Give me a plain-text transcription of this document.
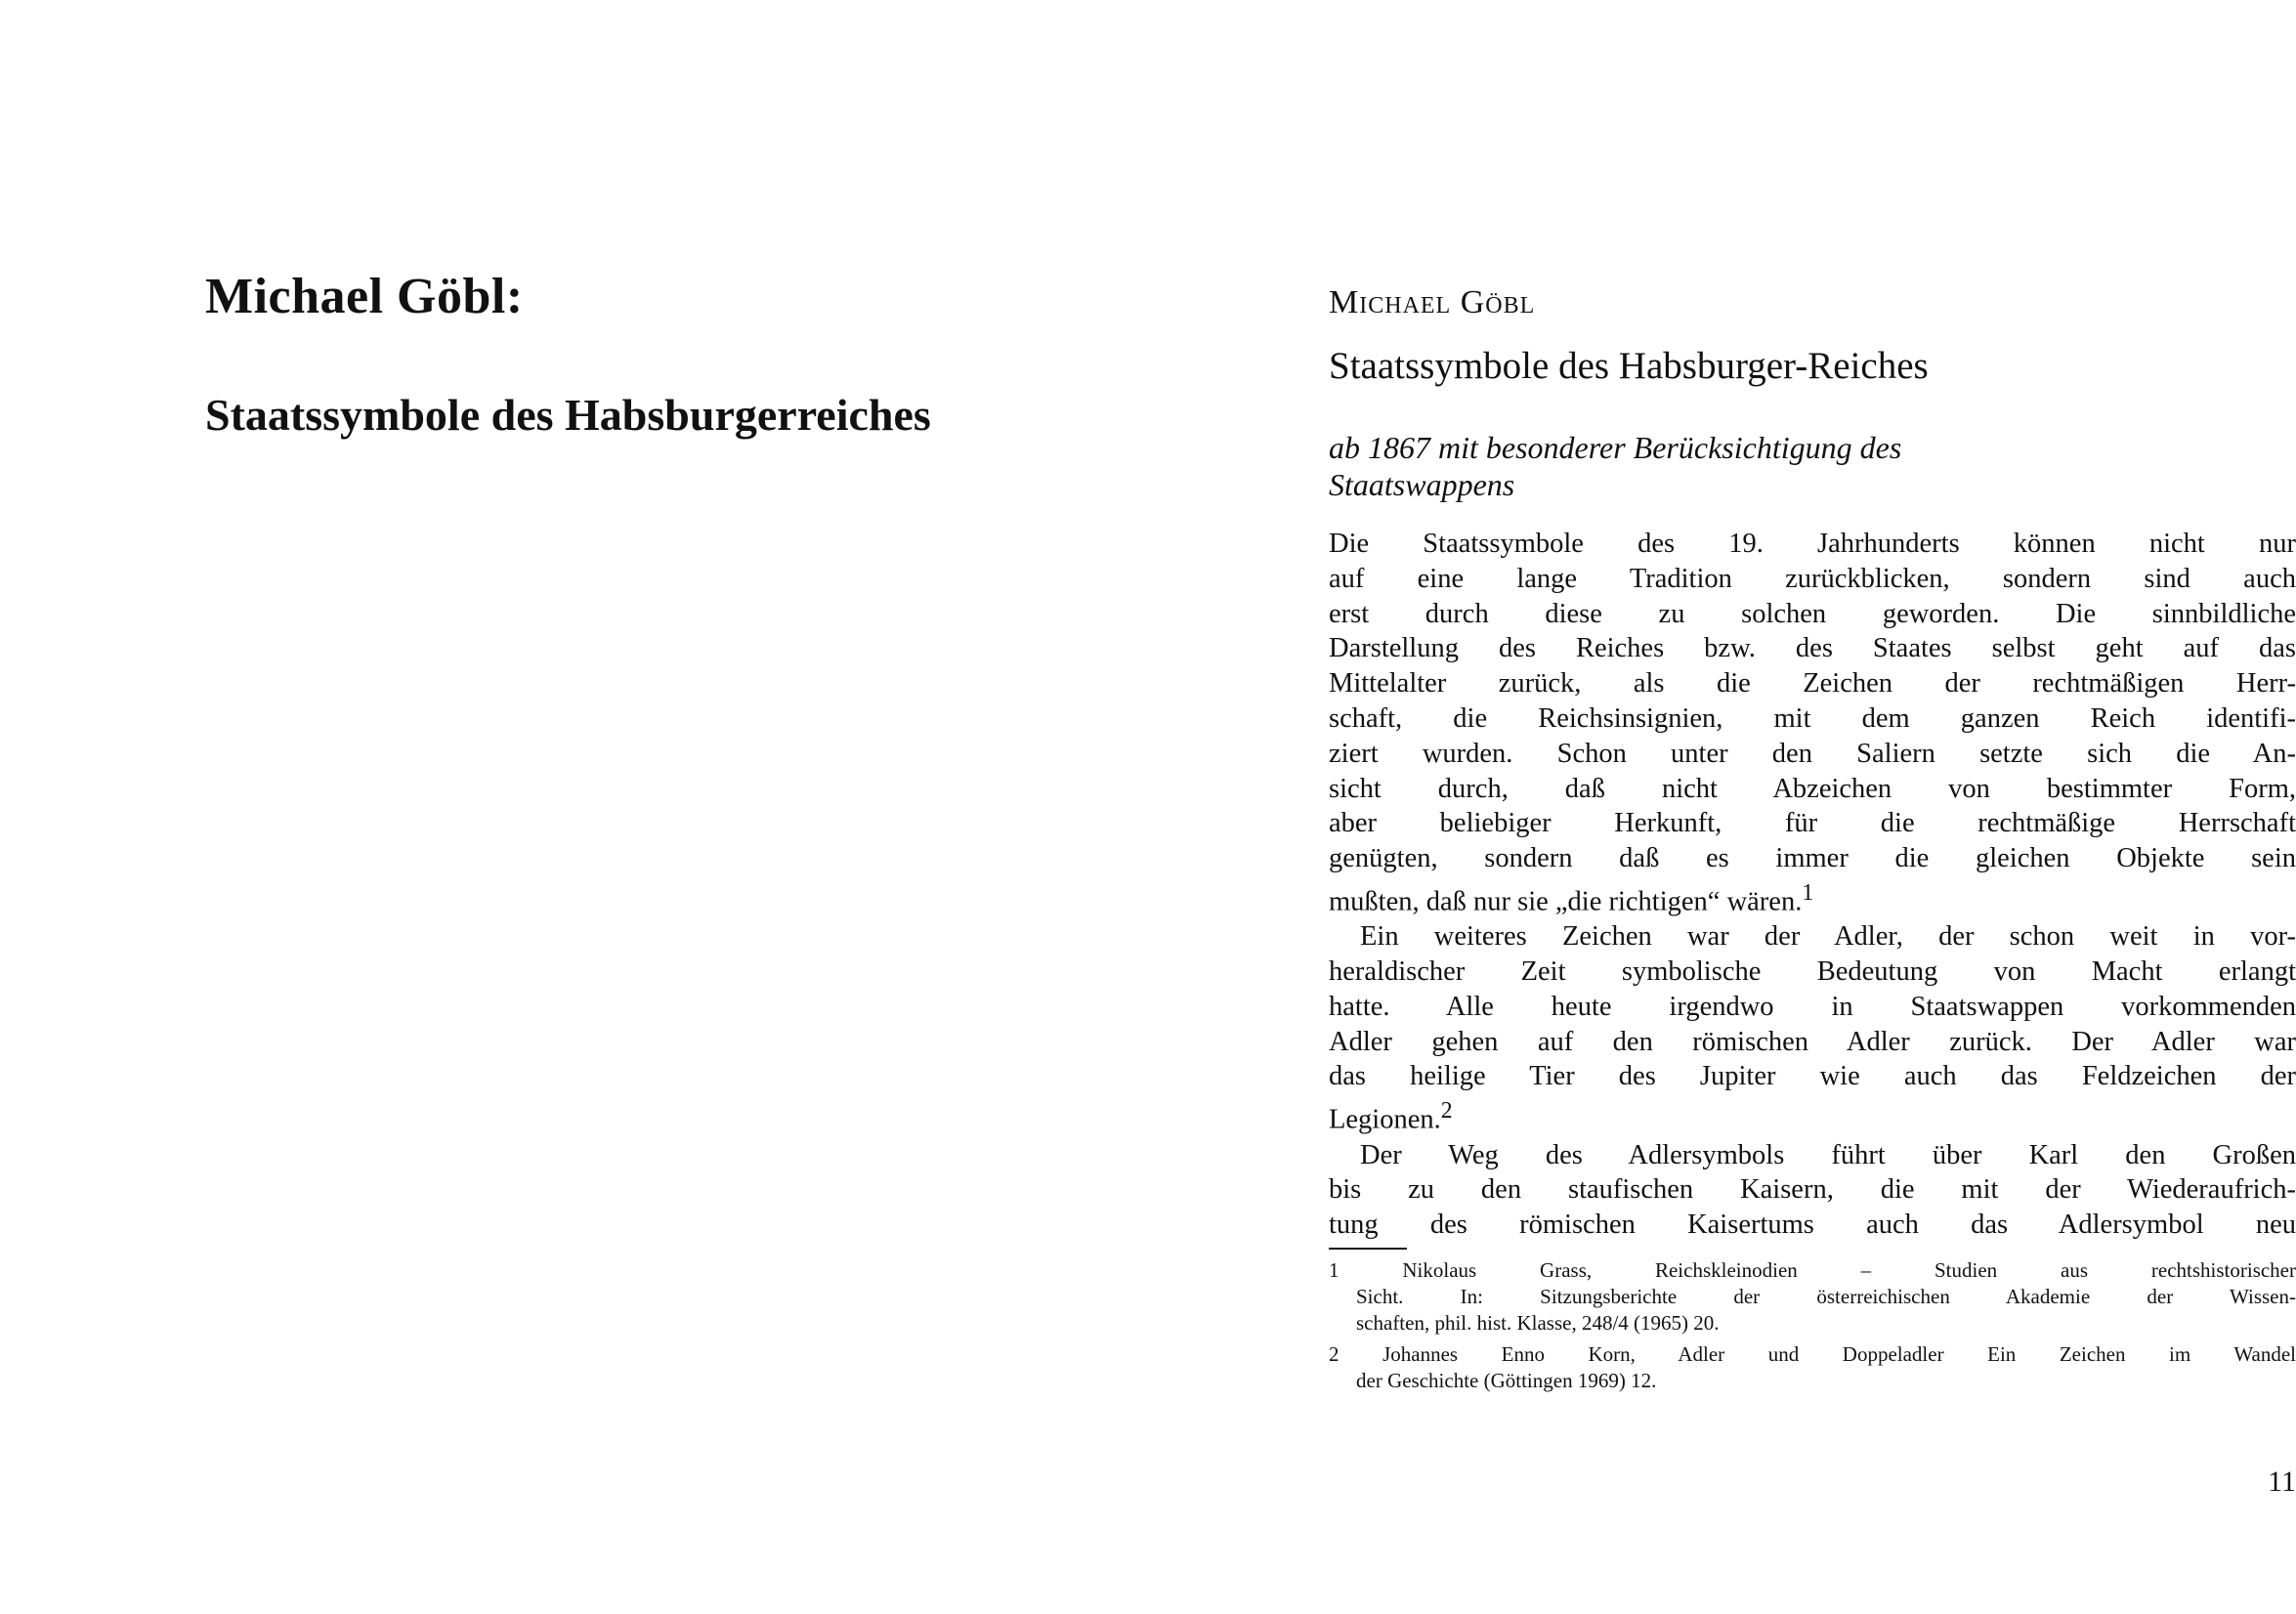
Michael Göbl:
Staatssymbole des Habsburgerreiches
Michael Göbl
Staatssymbole des Habsburger-Reiches
ab 1867 mit besonderer Berücksichtigung des
Staatswappens
Die Staatssymbole des 19. Jahrhunderts können nicht nur
auf eine lange Tradition zurückblicken, sondern sind auch
erst durch diese zu solchen geworden. Die sinnbildliche
Darstellung des Reiches bzw. des Staates selbst geht auf das
Mittelalter zurück, als die Zeichen der rechtmäßigen Herr-
schaft, die Reichsinsignien, mit dem ganzen Reich identifi-
ziert wurden. Schon unter den Saliern setzte sich die An-
sicht durch, daß nicht Abzeichen von bestimmter Form,
aber beliebiger Herkunft, für die rechtmäßige Herrschaft
genügten, sondern daß es immer die gleichen Objekte sein
mußten, daß nur sie „die richtigen“ wären.$^1$
Ein weiteres Zeichen war der Adler, der schon weit in vor-
heraldischer Zeit symbolische Bedeutung von Macht erlangt
hatte. Alle heute irgendwo in Staatswappen vorkommenden
Adler gehen auf den römischen Adler zurück. Der Adler war
das heilige Tier des Jupiter wie auch das Feldzeichen der
Legionen.$^2$
Der Weg des Adlersymbols führt über Karl den Großen
bis zu den staufischen Kaisern, die mit der Wiederaufrich-
tung des römischen Kaisertums auch das Adlersymbol neu
1	Nikolaus Grass, Reichskleinodien – Studien aus rechtshistorischer
Sicht. In: Sitzungsberichte der österreichischen Akademie der Wissen-
schaften, phil. hist. Klasse, 248/4 (1965) 20.
2 Johannes Enno Korn, Adler und Doppeladler Ein Zeichen im Wandel
der Geschichte (Göttingen 1969) 12.
11
